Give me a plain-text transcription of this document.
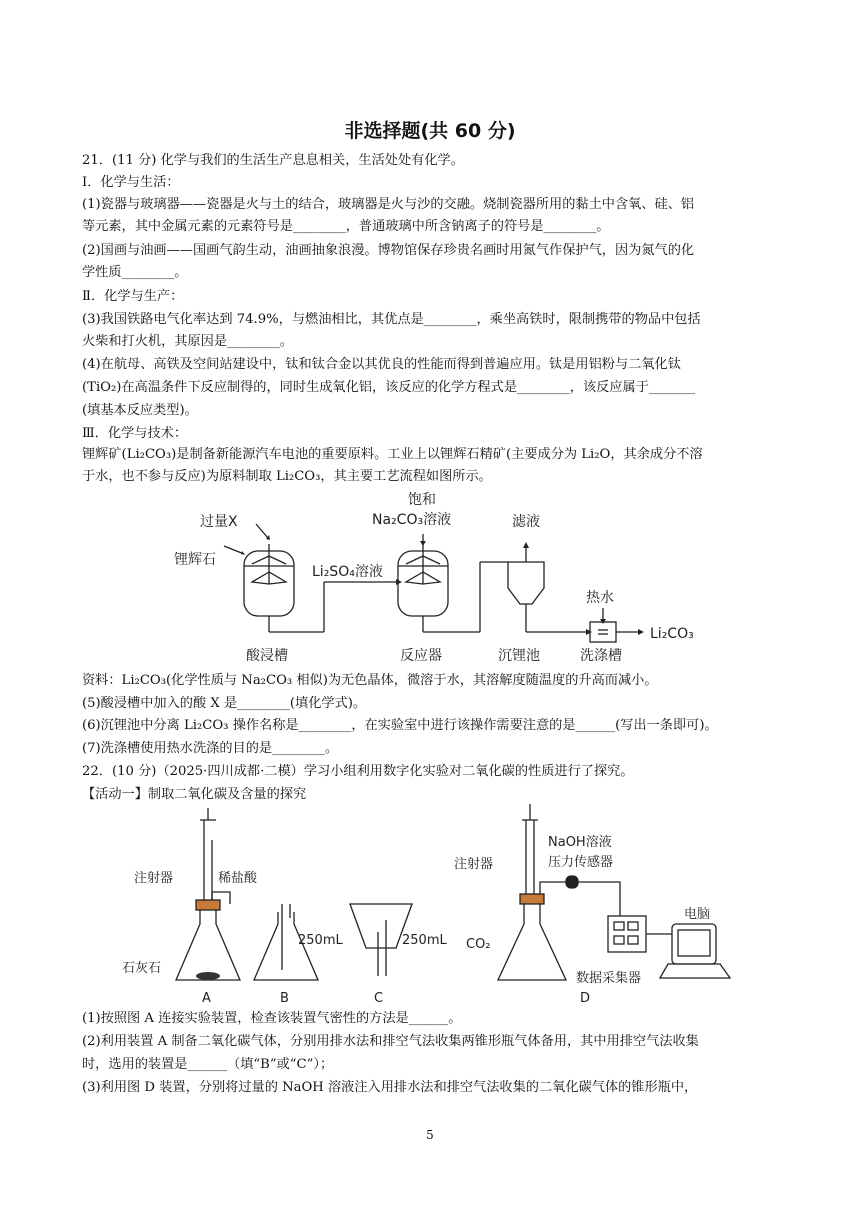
非选择题(共 60 分)
21．(11 分) 化学与我们的生活生产息息相关，生活处处有化学。
I．化学与生活：
(1)瓷器与玻璃器——瓷器是火与土的结合，玻璃器是火与沙的交融。烧制瓷器所用的黏土中含氧、硅、铝
等元素，其中金属元素的元素符号是________，普通玻璃中所含钠离子的符号是________。
(2)国画与油画——国画气韵生动，油画抽象浪漫。博物馆保存珍贵名画时用氮气作保护气，因为氮气的化
学性质________。
Ⅱ．化学与生产：
(3)我国铁路电气化率达到 74.9%，与燃油相比，其优点是________，乘坐高铁时，限制携带的物品中包括
火柴和打火机，其原因是________。
(4)在航母、高铁及空间站建设中，钛和钛合金以其优良的性能而得到普遍应用。钛是用铝粉与二氧化钛
(TiO₂)在高温条件下反应制得的，同时生成氧化铝，该反应的化学方程式是________，该反应属于_______
(填基本反应类型)。
Ⅲ．化学与技术：
锂辉矿(Li₂CO₃)是制备新能源汽车电池的重要原料。工业上以锂辉石精矿(主要成分为 Li₂O，其余成分不溶
于水，也不参与反应)为原料制取 Li₂CO₃，其主要工艺流程如图所示。
过量X
锂辉石
Li₂SO₄溶液
饱和
Na₂CO₃溶液	滤液
热水
Li₂CO₃
酸浸槽	反应器	沉锂池	洗涤槽
资料：Li₂CO₃(化学性质与 Na₂CO₃ 相似)为无色晶体，微溶于水，其溶解度随温度的升高而减小。
(5)酸浸槽中加入的酸 X 是________(填化学式)。
(6)沉锂池中分离 Li₂CO₃ 操作名称是________，在实验室中进行该操作需要注意的是______(写出一条即可)。
(7)洗涤槽使用热水洗涤的目的是________。
22．(10 分)（2025·四川成都·二模）学习小组利用数字化实验对二氧化碳的性质进行了探究。
【活动一】制取二氧化碳及含量的探究
注射器	稀盐酸
石灰石
250mL	250mL
A	B	C	D
NaOH溶液
注射器	压力传感器
CO₂
电脑
数据采集器
(1)按照图 A 连接实验装置，检查该装置气密性的方法是______。
(2)利用装置 A 制备二氧化碳气体，分别用排水法和排空气法收集两锥形瓶气体备用，其中用排空气法收集
时，选用的装置是______（填“B”或“C”）；
(3)利用图 D 装置，分别将过量的 NaOH 溶液注入用排水法和排空气法收集的二氧化碳气体的锥形瓶中，
5
